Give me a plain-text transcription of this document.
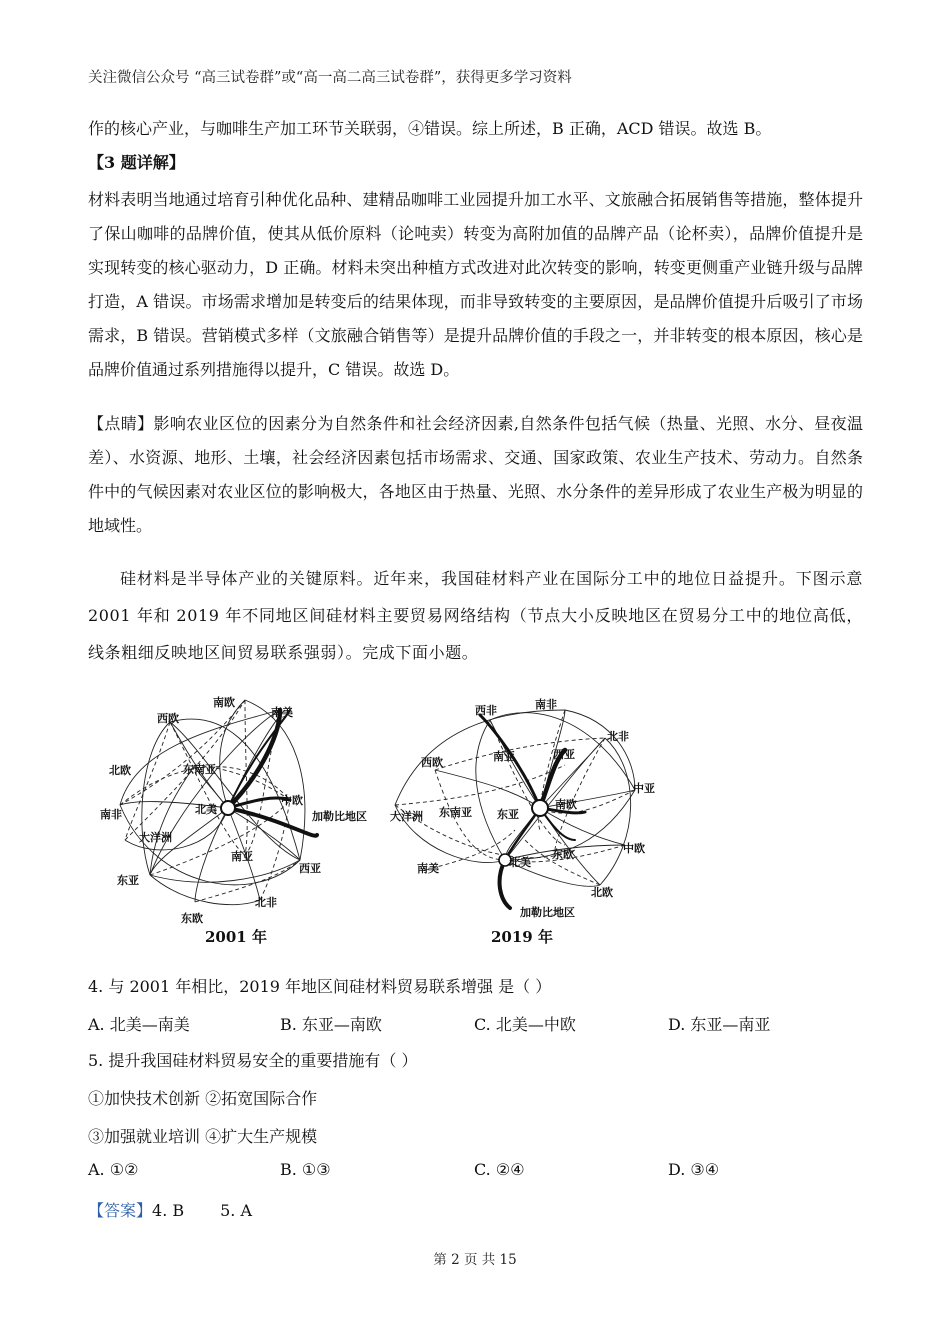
关注微信公众号 “高三试卷群”或“高一高二高三试卷群”，获得更多学习资料
作的核心产业，与咖啡生产加工环节关联弱，④错误。综上所述，B 正确，ACD 错误。故选 B。
【3 题详解】
材料表明当地通过培育引种优化品种、建精品咖啡工业园提升加工水平、文旅融合拓展销售等措施，整体提升了保山咖啡的品牌价值，使其从低价原料（论吨卖）转变为高附加值的品牌产品（论杯卖），品牌价值提升是实现转变的核心驱动力，D 正确。材料未突出种植方式改进对此次转变的影响，转变更侧重产业链升级与品牌打造，A 错误。市场需求增加是转变后的结果体现，而非导致转变的主要原因，是品牌价值提升后吸引了市场需求，B 错误。营销模式多样（文旅融合销售等）是提升品牌价值的手段之一，并非转变的根本原因，核心是品牌价值通过系列措施得以提升，C 错误。故选 D。
【点睛】影响农业区位的因素分为自然条件和社会经济因素,自然条件包括气候（热量、光照、水分、昼夜温差）、水资源、地形、土壤，社会经济因素包括市场需求、交通、国家政策、农业生产技术、劳动力。自然条件中的气候因素对农业区位的影响极大，各地区由于热量、光照、水分条件的差异形成了农业生产极为明显的地域性。
硅材料是半导体产业的关键原料。近年来，我国硅材料产业在国际分工中的地位日益提升。下图示意 2001 年和 2019 年不同地区间硅材料主要贸易网络结构（节点大小反映地区在贸易分工中的地位高低，线条粗细反映地区间贸易联系强弱）。完成下面小题。
南欧
南美
西欧
北欧	东南亚
中欧
北美
加勒比地区
南非
大洋洲
南亚
西亚
东亚
东欧
北非
2001 年
西非	南非
北非
西欧	南亚	西亚
大洋洲 东南亚 东亚
南欧
中亚
中欧
南美	北美
东欧
北欧
加勒比地区
2019 年
4. 与 2001 年相比，2019 年地区间硅材料贸易联系增强 是（ ）
A. 北美—南美	B. 东亚—南欧	C. 北美—中欧	D. 东亚—南亚
5. 提升我国硅材料贸易安全的重要措施有（ ）
①加快技术创新 ②拓宽国际合作
③加强就业培训 ④扩大生产规模
A. ①②	B. ①③	C. ②④	D. ③④
【答案】4. B 5. A
第 2 页 共 15
